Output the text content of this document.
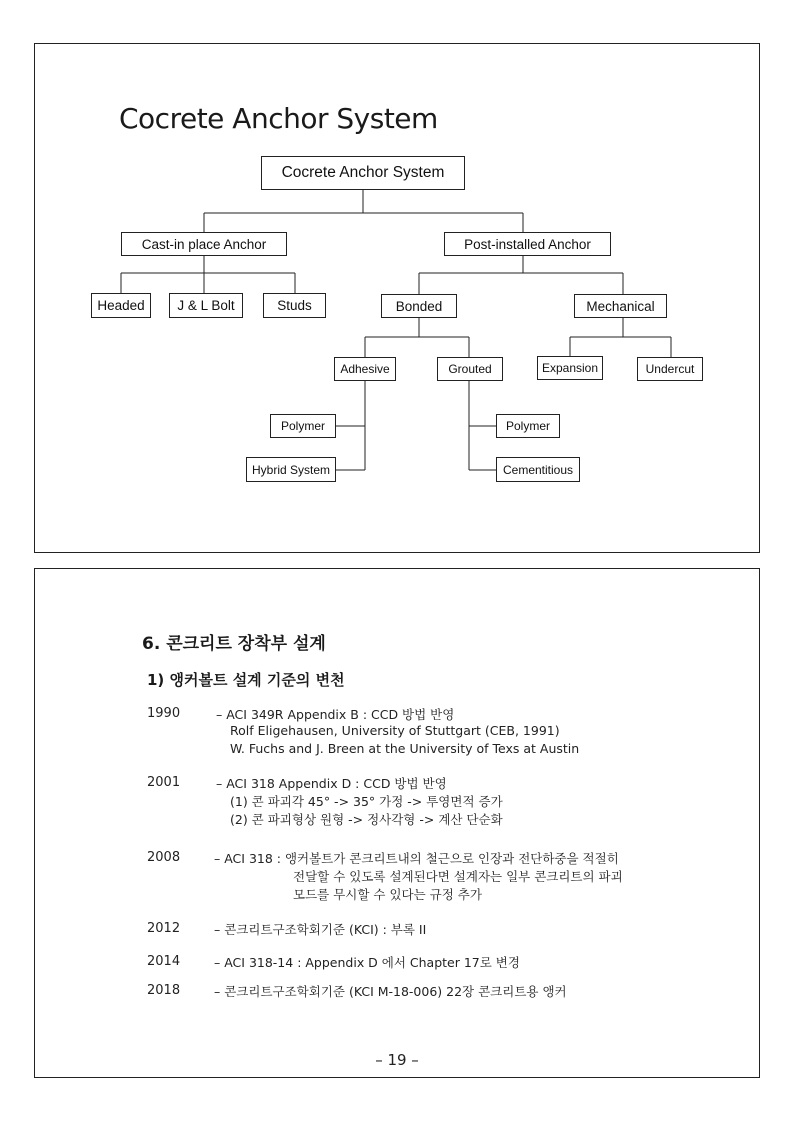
Cocrete Anchor System
Cocrete Anchor System
Cast-in place Anchor	Post-installed Anchor
Headed	J & L Bolt	Studs	Bonded	Mechanical
Adhesive	Grouted	Expansion	Undercut
Polymer
Hybrid System
Polymer
Cementitious
6. 콘크리트 장착부 설계
1) 앵커볼트 설계 기준의 변천
1990	– ACI 349R Appendix B : CCD 방법 반영
Rolf Eligehausen, University of Stuttgart (CEB, 1991)
W. Fuchs and J. Breen at the University of Texs at Austin
2001	– ACI 318 Appendix D : CCD 방법 반영
(1) 콘 파괴각 45° -> 35° 가정 -> 투영면적 증가
(2) 콘 파괴형상 원형 -> 정사각형 -> 계산 단순화
2008	– ACI 318 : 앵커볼트가 콘크리트내의 철근으로 인장과 전단하중을 적절히
전달할 수 있도록 설계된다면 설계자는 일부 콘크리트의 파괴
모드를 무시할 수 있다는 규정 추가
2012	– 콘크리트구조학회기준 (KCI) : 부록 II
2014	– ACI 318-14 : Appendix D 에서 Chapter 17로 변경
2018	– 콘크리트구조학회기준 (KCI M-18-006) 22장 콘크리트용 앵커
– 19 –
